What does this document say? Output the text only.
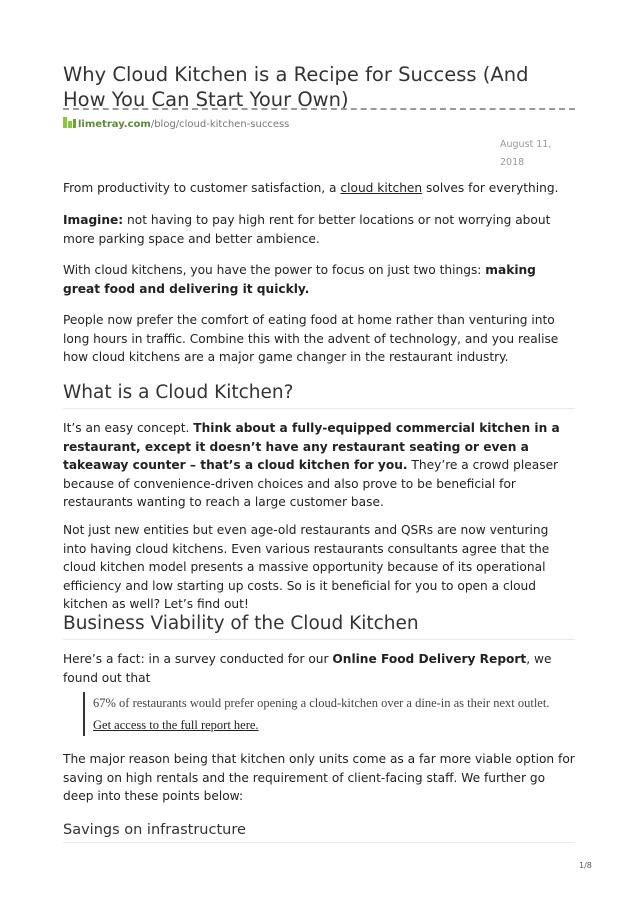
Why Cloud Kitchen is a Recipe for Success (And How You Can Start Your Own)
limetray.com/blog/cloud-kitchen-success
August 11,
2018

From productivity to customer satisfaction, a cloud kitchen solves for everything.

Imagine: not having to pay high rent for better locations or not worrying about more parking space and better ambience.

With cloud kitchens, you have the power to focus on just two things: making great food and delivering it quickly.

People now prefer the comfort of eating food at home rather than venturing into long hours in traffic. Combine this with the advent of technology, and you realise how cloud kitchens are a major game changer in the restaurant industry.

What is a Cloud Kitchen?

It’s an easy concept. Think about a fully-equipped commercial kitchen in a restaurant, except it doesn’t have any restaurant seating or even a takeaway counter – that’s a cloud kitchen for you. They’re a crowd pleaser because of convenience-driven choices and also prove to be beneficial for restaurants wanting to reach a large customer base.

Not just new entities but even age-old restaurants and QSRs are now venturing into having cloud kitchens. Even various restaurants consultants agree that the cloud kitchen model presents a massive opportunity because of its operational efficiency and low starting up costs. So is it beneficial for you to open a cloud kitchen as well? Let’s find out!

Business Viability of the Cloud Kitchen

Here’s a fact: in a survey conducted for our Online Food Delivery Report, we found out that

67% of restaurants would prefer opening a cloud-kitchen over a dine-in as their next outlet. Get access to the full report here.

The major reason being that kitchen only units come as a far more viable option for saving on high rentals and the requirement of client-facing staff. We further go deep into these points below:

Savings on infrastructure
1/8
